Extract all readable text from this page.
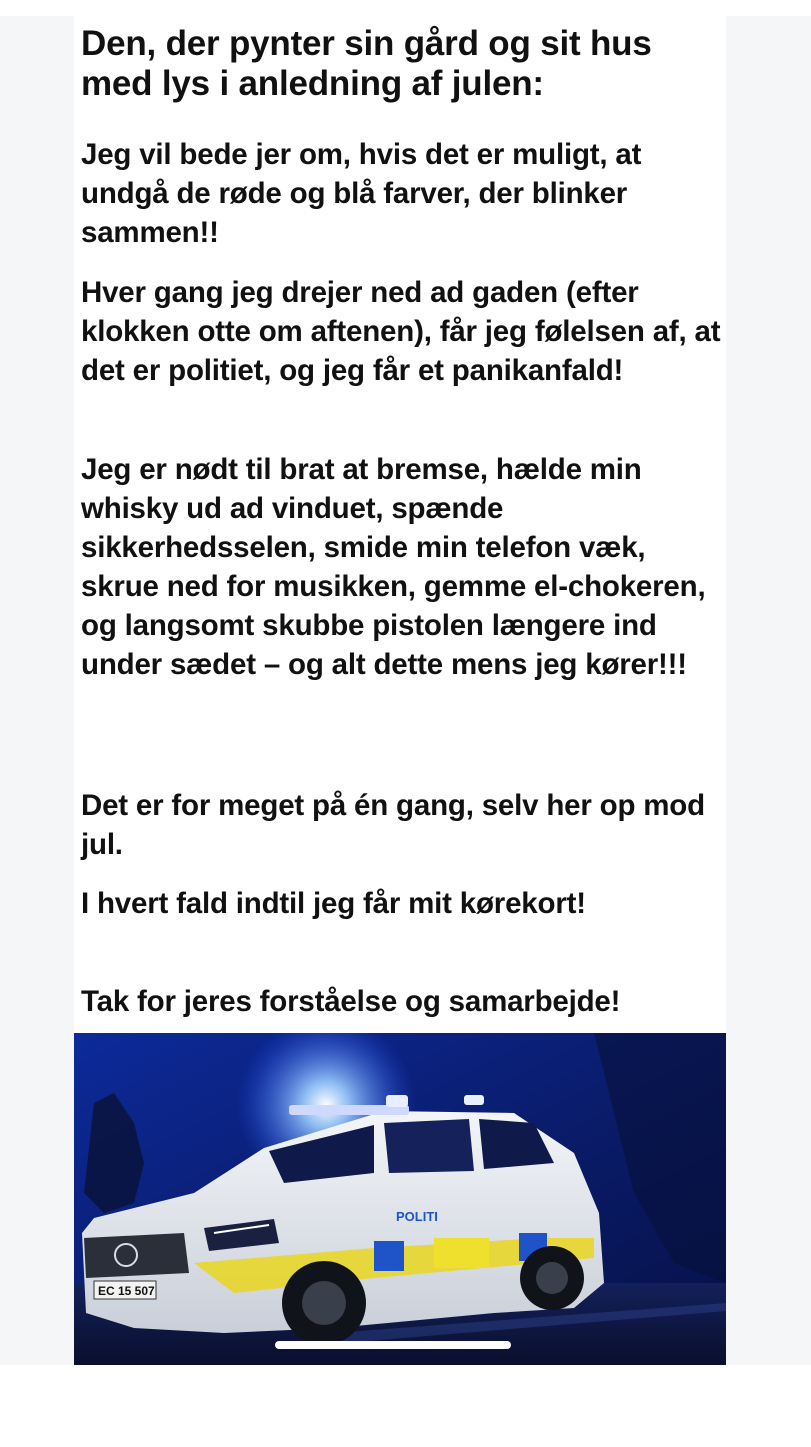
Den, der pynter sin gård og sit hus med lys i anledning af julen:
Jeg vil bede jer om, hvis det er muligt, at undgå de røde og blå farver, der blinker sammen!!
Hver gang jeg drejer ned ad gaden (efter klokken otte om aftenen), får jeg følelsen af, at det er politiet, og jeg får et panikanfald!
Jeg er nødt til brat at bremse, hælde min whisky ud ad vinduet, spænde sikkerhedsselen, smide min telefon væk, skrue ned for musikken, gemme el-chokeren, og langsomt skubbe pistolen længere ind under sædet – og alt dette mens jeg kører!!!
Det er for meget på én gang, selv her op mod jul.
I hvert fald indtil jeg får mit kørekort!
Tak for jeres forståelse og samarbejde!
POLITI
EC 15 507
